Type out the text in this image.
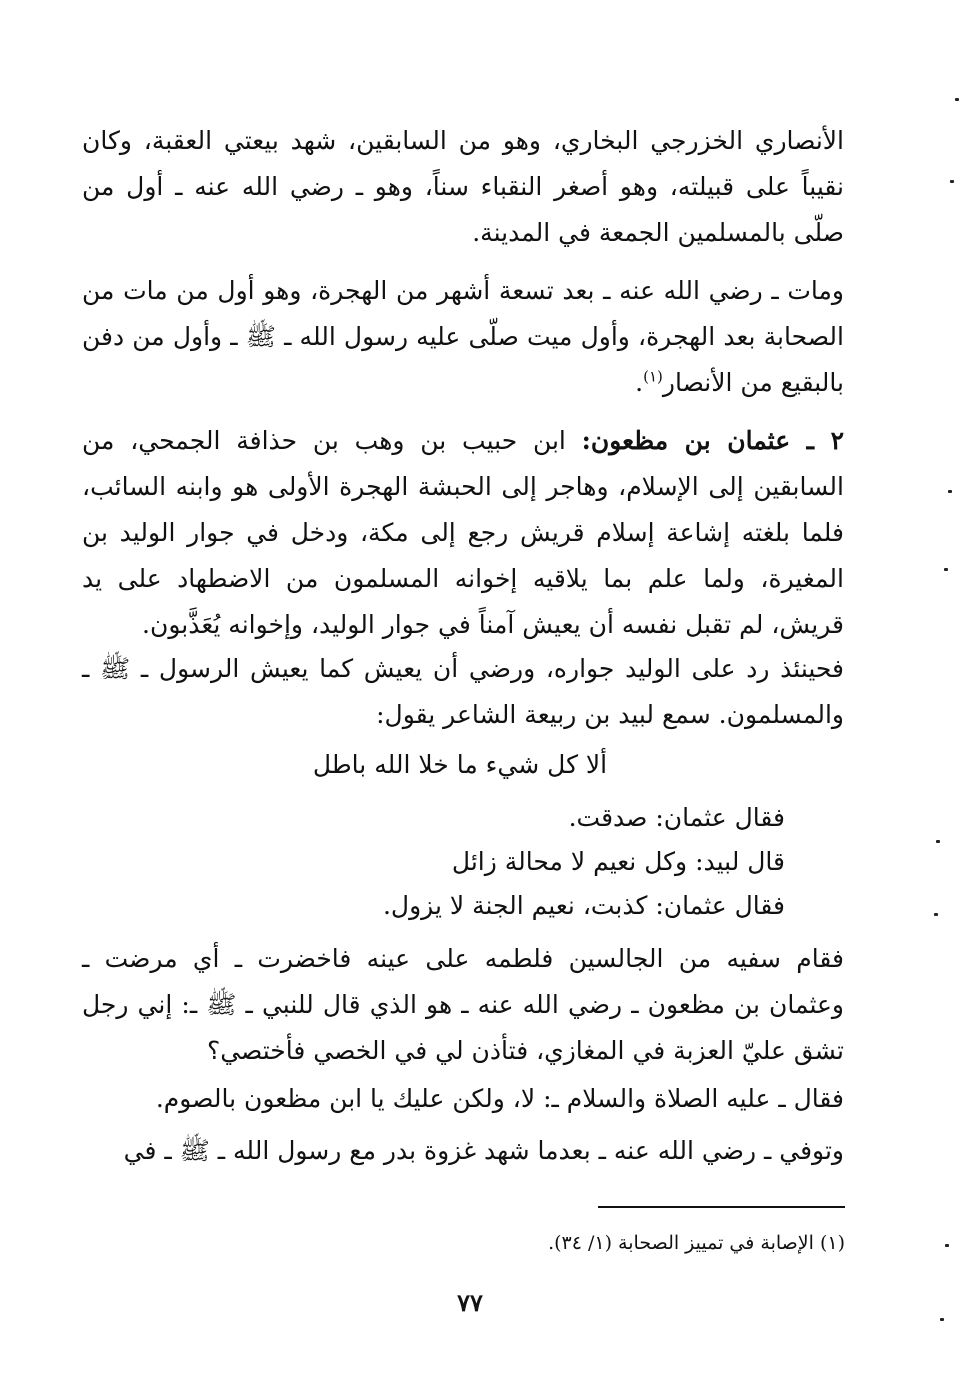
الأنصاري الخزرجي البخاري، وهو من السابقين، شهد بيعتي العقبة، وكان نقيباً على قبيلته، وهو أصغر النقباء سناً، وهو ـ رضي الله عنه ـ أول من صلّى بالمسلمين الجمعة في المدينة.

ومات ـ رضي الله عنه ـ بعد تسعة أشهر من الهجرة، وهو أول من مات من الصحابة بعد الهجرة، وأول ميت صلّى عليه رسول الله ـ ﷺ ـ وأول من دفن بالبقيع من الأنصار$^{(١)}$.

٢ ـ عثمان بن مظعون: ابن حبيب بن وهب بن حذافة الجمحي، من السابقين إلى الإسلام، وهاجر إلى الحبشة الهجرة الأولى هو وابنه السائب، فلما بلغته إشاعة إسلام قريش رجع إلى مكة، ودخل في جوار الوليد بن المغيرة، ولما علم بما يلاقيه إخوانه المسلمون من الاضطهاد على يد قريش، لم تقبل نفسه أن يعيش آمناً في جوار الوليد، وإخوانه يُعَذَّبون.

فحينئذ رد على الوليد جواره، ورضي أن يعيش كما يعيش الرسول ـ ﷺ ـ والمسلمون. سمع لبيد بن ربيعة الشاعر يقول:

ألا كل شيء ما خلا الله باطل

فقال عثمان: صدقت.
قال لبيد: وكل نعيم لا محالة زائل
فقال عثمان: كذبت، نعيم الجنة لا يزول.

فقام سفيه من الجالسين فلطمه على عينه فاخضرت ـ أي مرضت ـ وعثمان بن مظعون ـ رضي الله عنه ـ هو الذي قال للنبي ـ ﷺ ـ: إني رجل تشق عليّ العزبة في المغازي، فتأذن لي في الخصي فأختصي؟

فقال ـ عليه الصلاة والسلام ـ: لا، ولكن عليك يا ابن مظعون بالصوم.

وتوفي ـ رضي الله عنه ـ بعدما شهد غزوة بدر مع رسول الله ـ ﷺ ـ في

(١) الإصابة في تمييز الصحابة (١/ ٣٤).

٧٧
